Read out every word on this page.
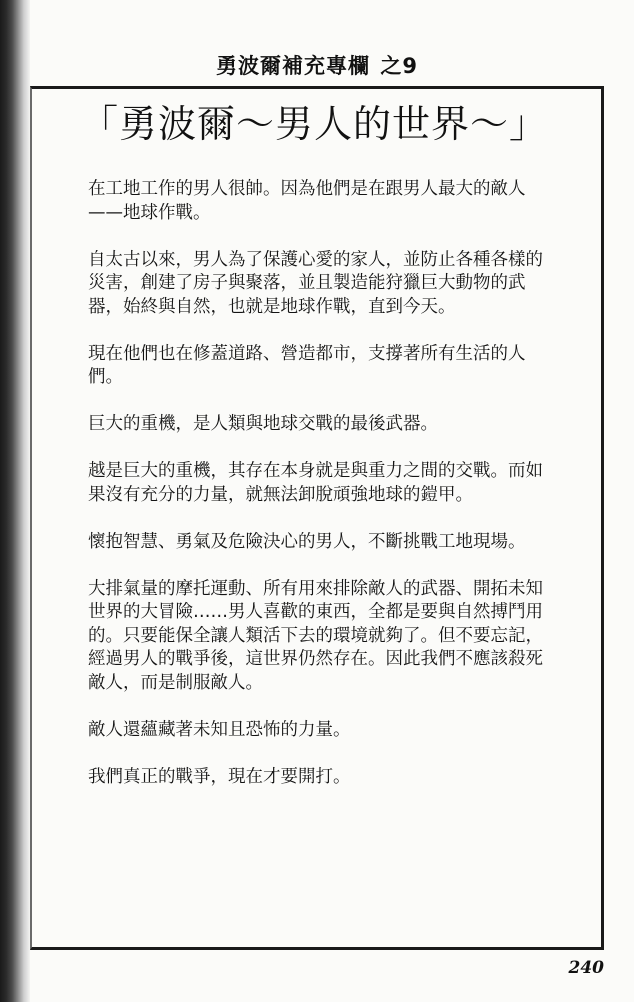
勇波爾補充專欄 之9
「勇波爾～男人的世界～」

在工地工作的男人很帥。因為他們是在跟男人最大的敵人——地球作戰。

自太古以來，男人為了保護心愛的家人，並防止各種各樣的災害，創建了房子與聚落，並且製造能狩獵巨大動物的武器，始終與自然，也就是地球作戰，直到今天。

現在他們也在修蓋道路、營造都市，支撐著所有生活的人們。

巨大的重機，是人類與地球交戰的最後武器。

越是巨大的重機，其存在本身就是與重力之間的交戰。而如果沒有充分的力量，就無法卸脫頑強地球的鎧甲。

懷抱智慧、勇氣及危險決心的男人，不斷挑戰工地現場。

大排氣量的摩托運動、所有用來排除敵人的武器、開拓未知世界的大冒險……男人喜歡的東西，全都是要與自然搏鬥用的。只要能保全讓人類活下去的環境就夠了。但不要忘記，經過男人的戰爭後，這世界仍然存在。因此我們不應該殺死敵人，而是制服敵人。

敵人還蘊藏著未知且恐怖的力量。

我們真正的戰爭，現在才要開打。

240
